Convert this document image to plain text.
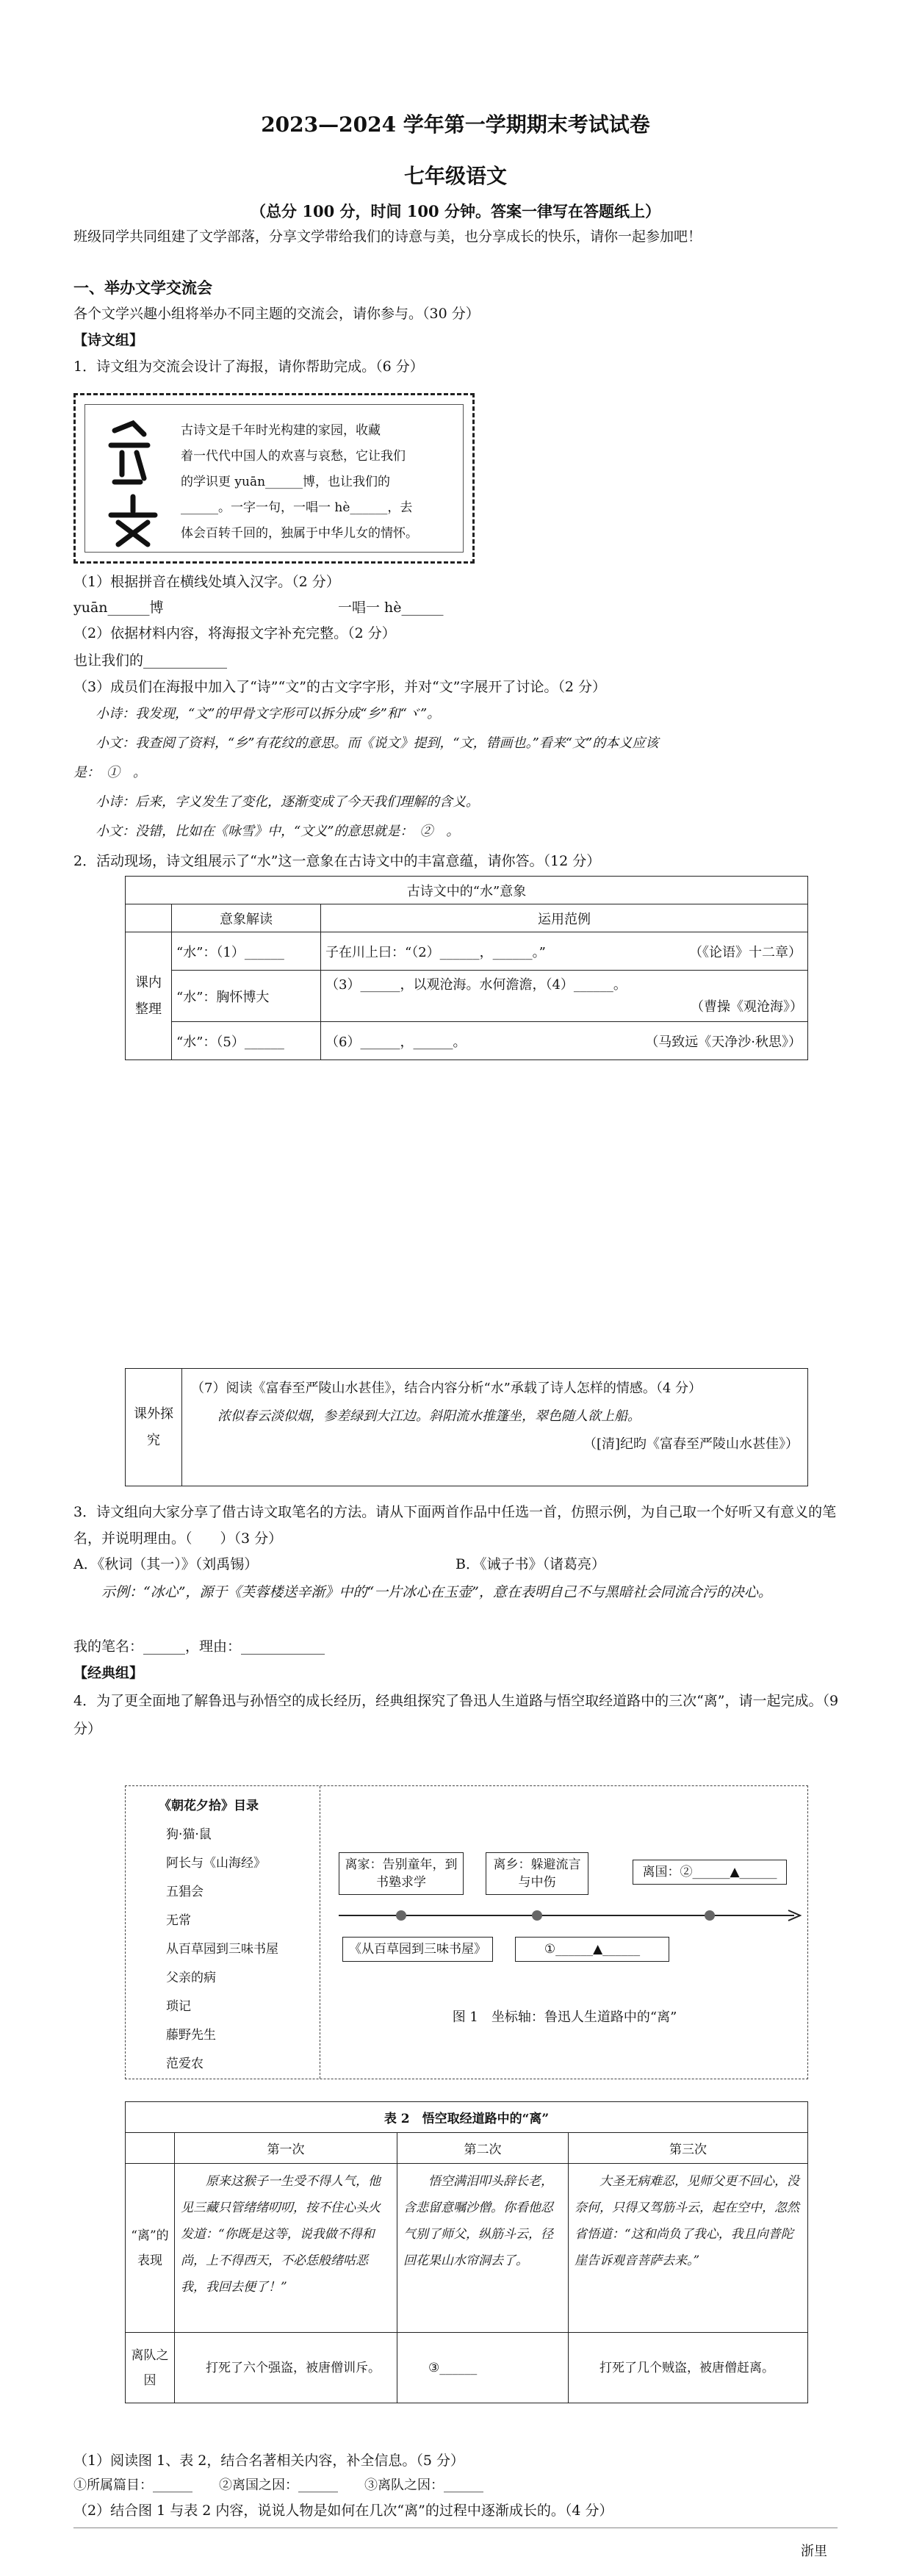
2023—2024 学年第一学期期末考试试卷
七年级语文
（总分 100 分，时间 100 分钟。答案一律写在答题纸上）
班级同学共同组建了文学部落，分享文学带给我们的诗意与美，也分享成长的快乐，请你一起参加吧！
一、举办文学交流会
各个文学兴趣小组将举办不同主题的交流会，请你参与。（30 分）
【诗文组】
1．诗文组为交流会设计了海报，请你帮助完成。（6 分）
古诗文是千年时光构建的家园，收藏
着一代代中国人的欢喜与哀愁，它让我们
的学识更 yuān______博，也让我们的
______。一字一句，一唱一 hè______，去
体会百转千回的，独属于中华儿女的情怀。
（1）根据拼音在横线处填入汉字。（2 分）
yuān______博	一唱一 hè______
（2）依据材料内容，将海报文字补充完整。（2 分）
也让我们的____________
（3）成员们在海报中加入了“诗”“文”的古文字字形，并对“文”字展开了讨论。（2 分）
小诗：我发现，“文”的甲骨文字形可以拆分成“乡”和“ヾ”。
小文：我查阅了资料，“乡”有花纹的意思。而《说文》提到，“文，错画也。”看来“文”的本义应该
是：　①　。
小诗：后来，字义发生了变化，逐渐变成了今天我们理解的含义。
小文：没错，比如在《咏雪》中，“文义”的意思就是：　②　。
2．活动现场，诗文组展示了“水”这一意象在古诗文中的丰富意蕴，请你答。（12 分）
古诗文中的“水”意象		
	意象解读	运用范例
课内整理	“水”：（1）______	子在川上曰：“（2）______，______。” （《论语》十二章）

	“水”：胸怀博大	（3）______，以观沧海。水何澹澹，（4）______。
（曹操《观沧海》）

	“水”：（5）______	（6）______，______。 （马致远《天净沙·秋思》）
课外探究	
（7）阅读《富春至严陵山水甚佳》，结合内容分析“水”承载了诗人怎样的情感。（4 分）
浓似春云淡似烟，参差绿到大江边。斜阳流水推篷坐，翠色随人欲上船。
（[清]纪昀《富春至严陵山水甚佳》）
3．诗文组向大家分享了借古诗文取笔名的方法。请从下面两首作品中任选一首，仿照示例，为自己取一个好听又有意义的笔名，并说明理由。（　　）（3 分）
A．《秋词（其一）》（刘禹锡）	B．《诫子书》（诸葛亮）
示例：“冰心”，源于《芙蓉楼送辛渐》中的“一片冰心在玉壶”，意在表明自己不与黑暗社会同流合污的决心。
我的笔名：______，理由：____________
【经典组】
4．为了更全面地了解鲁迅与孙悟空的成长经历，经典组探究了鲁迅人生道路与悟空取经道路中的三次“离”，请一起完成。（9 分）
《朝花夕拾》目录
狗·猫·鼠
阿长与《山海经》
五猖会
无常
从百草园到三味书屋
父亲的病
琐记
藤野先生
范爱农
离家：告别童年，到书塾求学
离乡：躲避流言与中伤
离国：②______▲______
《从百草园到三味书屋》	①______▲______
图 1　坐标轴：鲁迅人生道路中的“离”
表 2　悟空取经道路中的“离”			
	第一次	第二次	第三次
“离”的表现	原来这猴子一生受不得人气，他见三藏只管绪绪叨叨，按不住心头火发道：“你既是这等，说我做不得和尚，上不得西天，不必恁般绪咕恶我，我回去便了！”	悟空满泪叩头辞长老，含悲留意嘱沙僧。你看他忍气别了师父，纵筋斗云，径回花果山水帘洞去了。	大圣无病难忍，见师父更不回心，没奈何，只得又驾筋斗云，起在空中，忽然省悟道：“这和尚负了我心，我且向普陀崖告诉观音菩萨去来。”
离队之因	打死了六个强盗，被唐僧训斥。	③______	打死了几个贼盗，被唐僧赶离。
（1）阅读图 1、表 2，结合名著相关内容，补全信息。（5 分）
①所属篇目：______　　②离国之因：______　　③离队之因：______
（2）结合图 1 与表 2 内容，说说人物是如何在几次“离”的过程中逐渐成长的。（4 分）
浙里
